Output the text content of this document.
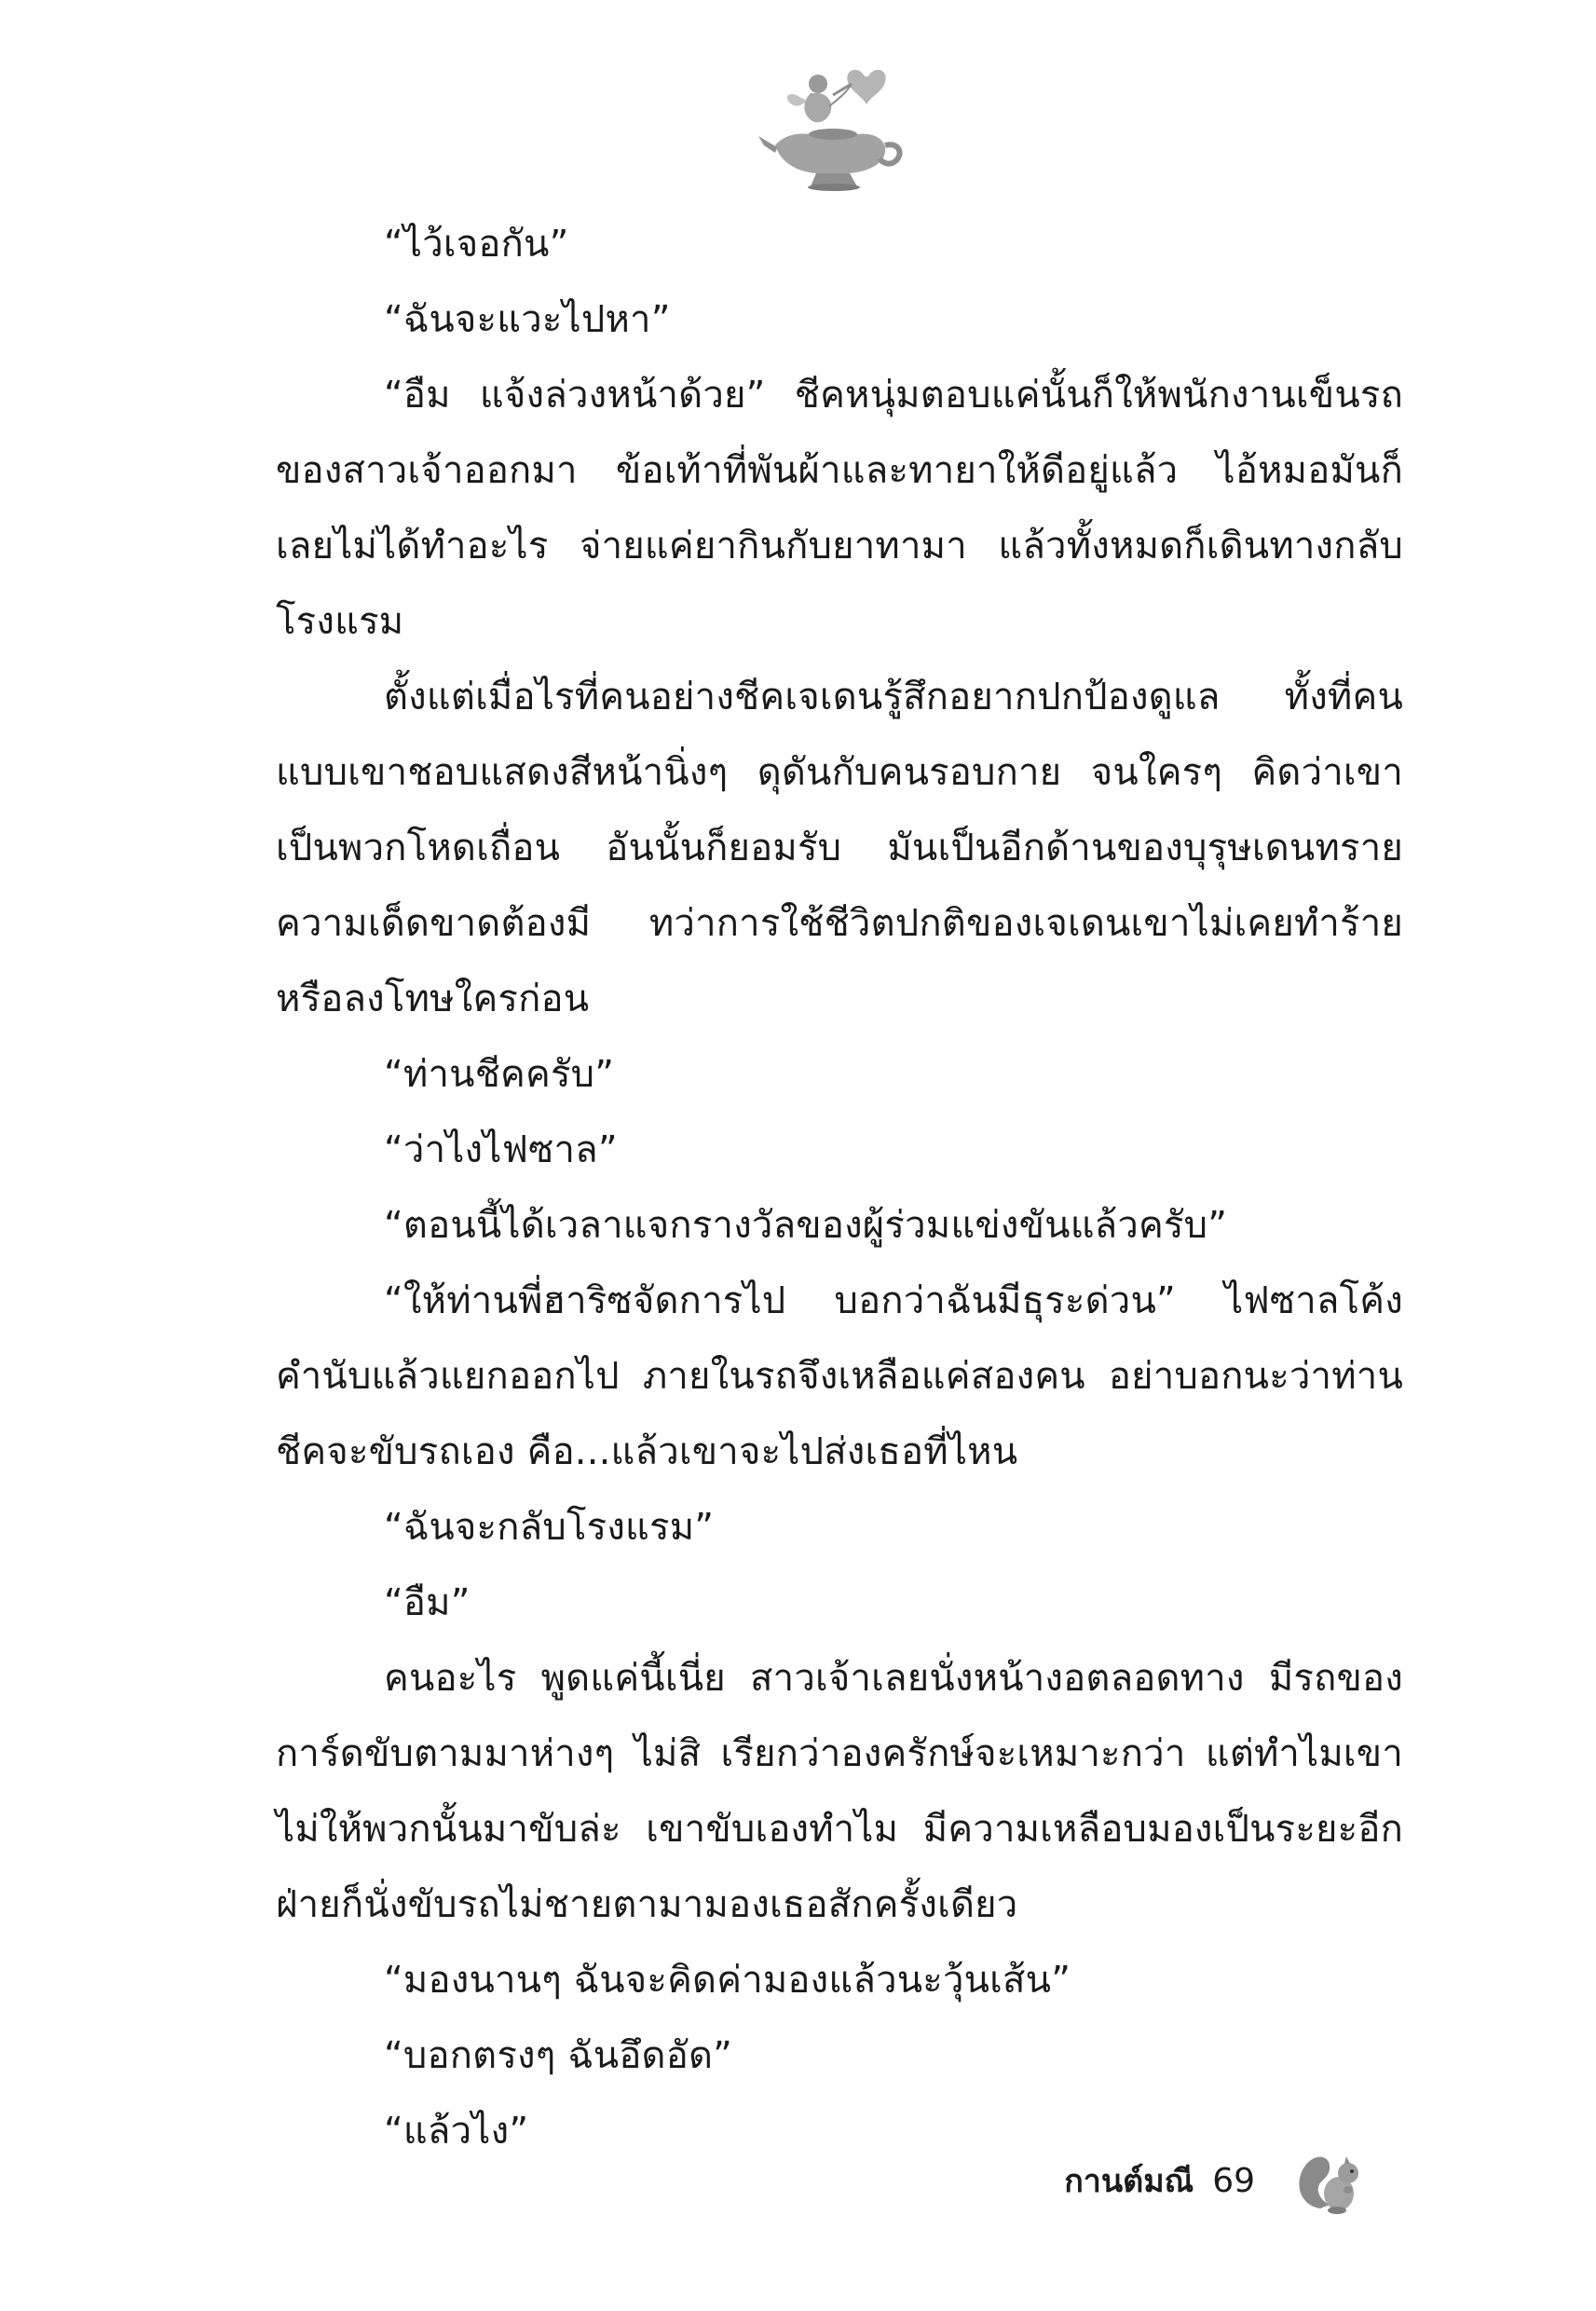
“ไว้เจอกัน”

“ฉันจะแวะไปหา”

“อืม แจ้งล่วงหน้าด้วย” ชีคหนุ่มตอบแค่นั้นก็ให้พนักงานเข็นรถของสาวเจ้าออกมา ข้อเท้าที่พันผ้าและทายาให้ดีอยู่แล้ว ไอ้หมอมันก็เลยไม่ได้ทำอะไร จ่ายแค่ยากินกับยาทามา แล้วทั้งหมดก็เดินทางกลับโรงแรม

ตั้งแต่เมื่อไรที่คนอย่างชีคเจเดนรู้สึกอยากปกป้องดูแล ทั้งที่คนแบบเขาชอบแสดงสีหน้านิ่งๆ ดุดันกับคนรอบกาย จนใครๆ คิดว่าเขาเป็นพวกโหดเถื่อน อันนั้นก็ยอมรับ มันเป็นอีกด้านของบุรุษเดนทรายความเด็ดขาดต้องมี ทว่าการใช้ชีวิตปกติของเจเดนเขาไม่เคยทำร้ายหรือลงโทษใครก่อน

“ท่านชีคครับ”

“ว่าไงไฟซาล”

“ตอนนี้ได้เวลาแจกรางวัลของผู้ร่วมแข่งขันแล้วครับ”

“ให้ท่านพี่ฮาริซจัดการไป บอกว่าฉันมีธุระด่วน” ไฟซาลโค้งคำนับแล้วแยกออกไป ภายในรถจึงเหลือแค่สองคน อย่าบอกนะว่าท่านชีคจะขับรถเอง คือ...แล้วเขาจะไปส่งเธอที่ไหน

“ฉันจะกลับโรงแรม”

“อืม”

คนอะไร พูดแค่นี้เนี่ย สาวเจ้าเลยนั่งหน้างอตลอดทาง มีรถของการ์ดขับตามมาห่างๆ ไม่สิ เรียกว่าองครักษ์จะเหมาะกว่า แต่ทำไมเขาไม่ให้พวกนั้นมาขับล่ะ เขาขับเองทำไม มีความเหลือบมองเป็นระยะอีกฝ่ายก็นั่งขับรถไม่ชายตามามองเธอสักครั้งเดียว

“มองนานๆ ฉันจะคิดค่ามองแล้วนะวุ้นเส้น”

“บอกตรงๆ ฉันอึดอัด”

“แล้วไง”

กานต์มณี 69
